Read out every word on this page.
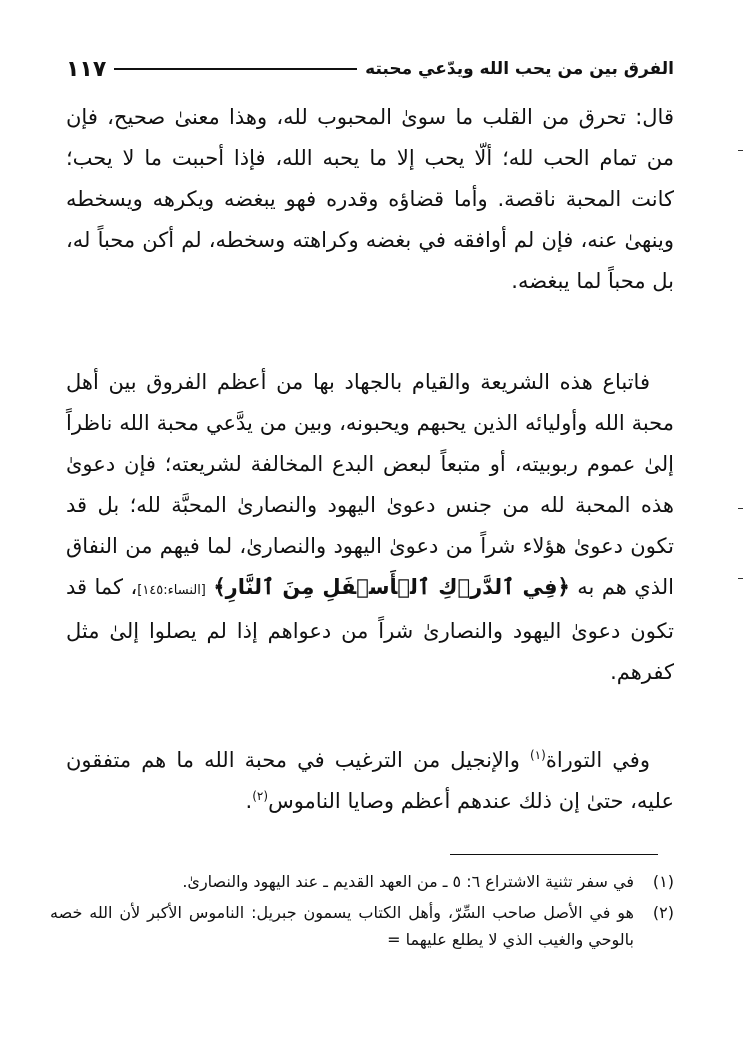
الفرق بين من يحب الله ويدّعي محبته
١١٧
قال: تحرق من القلب ما سوىٰ المحبوب لله، وهذا معنىٰ صحيح، فإن من تمام الحب لله؛ ألّا يحب إلا ما يحبه الله، فإذا أحببت ما لا يحب؛ كانت المحبة ناقصة. وأما قضاؤه وقدره فهو يبغضه ويكرهه ويسخطه وينهىٰ عنه، فإن لم أوافقه في بغضه وكراهته وسخطه، لم أكن محباً له، بل محباً لما يبغضه.
فاتباع هذه الشريعة والقيام بالجهاد بها من أعظم الفروق بين أهل محبة الله وأوليائه الذين يحبهم ويحبونه، وبين من يدَّعي محبة الله ناظراً إلىٰ عموم ربوبيته، أو متبعاً لبعض البدع المخالفة لشريعته؛ فإن دعوىٰ هذه المحبة لله من جنس دعوىٰ اليهود والنصارىٰ المحبَّة لله؛ بل قد تكون دعوىٰ هؤلاء شراً من دعوىٰ اليهود والنصارىٰ، لما فيهم من النفاق الذي هم به ﴿فِي ٱلدَّرۡكِ ٱلۡأَسۡفَلِ مِنَ ٱلنَّارِ﴾ [النساء:١٤٥]، كما قد تكون دعوىٰ اليهود والنصارىٰ شراً من دعواهم إذا لم يصلوا إلىٰ مثل كفرهم.
وفي التوراة$^{(١)}$ والإنجيل من الترغيب في محبة الله ما هم متفقون عليه، حتىٰ إن ذلك عندهم أعظم وصايا الناموس$^{(٢)}$.
(١)
في سفر تثنية الاشتراع ٦: ٥ ـ من العهد القديم ـ عند اليهود والنصارىٰ.
(٢)
هو في الأصل صاحب السِّرّ، وأهل الكتاب يسمون جبريل: الناموس الأكبر لأن الله خصه بالوحي والغيب الذي لا يطلع عليهما =
